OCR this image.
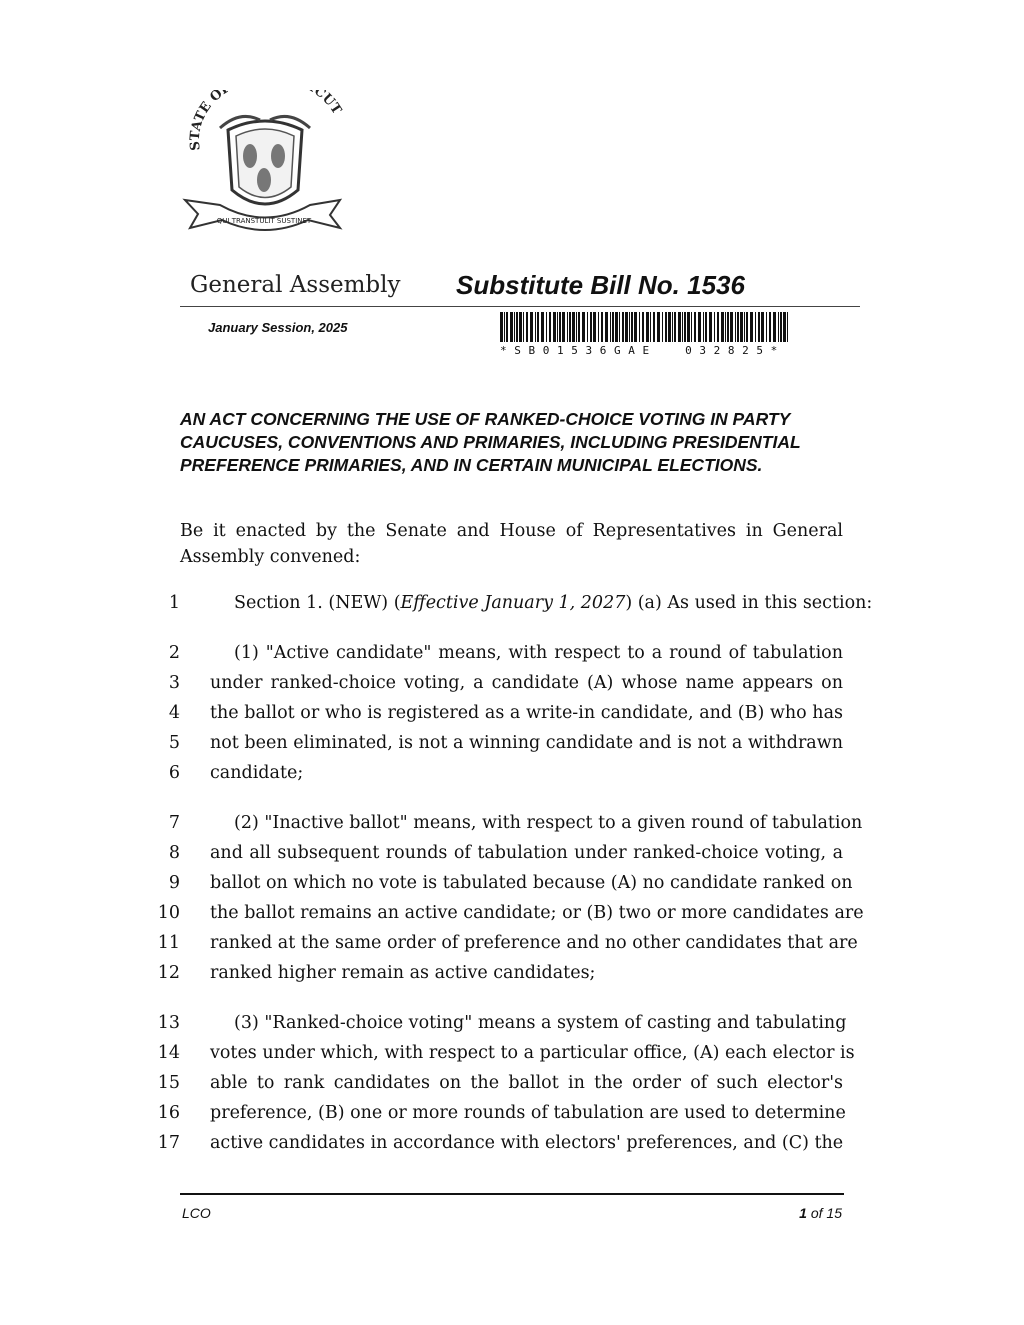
STATE O CUT
QUI TRANSTULIT SUSTINET
General Assembly Substitute Bill No. 1536
January Session, 2025
* S B 0 1 5 3 6 G A E     0 3 2 8 2 5 *
AN ACT CONCERNING THE USE OF RANKED-CHOICE VOTING IN PARTY CAUCUSES, CONVENTIONS AND PRIMARIES, INCLUDING PRESIDENTIAL PREFERENCE PRIMARIES, AND IN CERTAIN MUNICIPAL ELECTIONS.
Be it enacted by the Senate and House of Representatives in General Assembly convened:
1	Section 1. (NEW) (Effective January 1, 2027) (a) As used in this section:
2	(1) "Active candidate" means, with respect to a round of tabulation
3 under ranked-choice voting, a candidate (A) whose name appears on
4 the ballot or who is registered as a write-in candidate, and (B) who has
5 not been eliminated, is not a winning candidate and is not a withdrawn
6 candidate;
7	(2) "Inactive ballot" means, with respect to a given round of tabulation
8 and all subsequent rounds of tabulation under ranked-choice voting, a
9 ballot on which no vote is tabulated because (A) no candidate ranked on
10 the ballot remains an active candidate; or (B) two or more candidates are
11 ranked at the same order of preference and no other candidates that are
12 ranked higher remain as active candidates;
13	(3) "Ranked-choice voting" means a system of casting and tabulating
14 votes under which, with respect to a particular office, (A) each elector is
15 able to rank candidates on the ballot in the order of such elector's
16 preference, (B) one or more rounds of tabulation are used to determine
17 active candidates in accordance with electors' preferences, and (C) the
LCO	1 of 15
